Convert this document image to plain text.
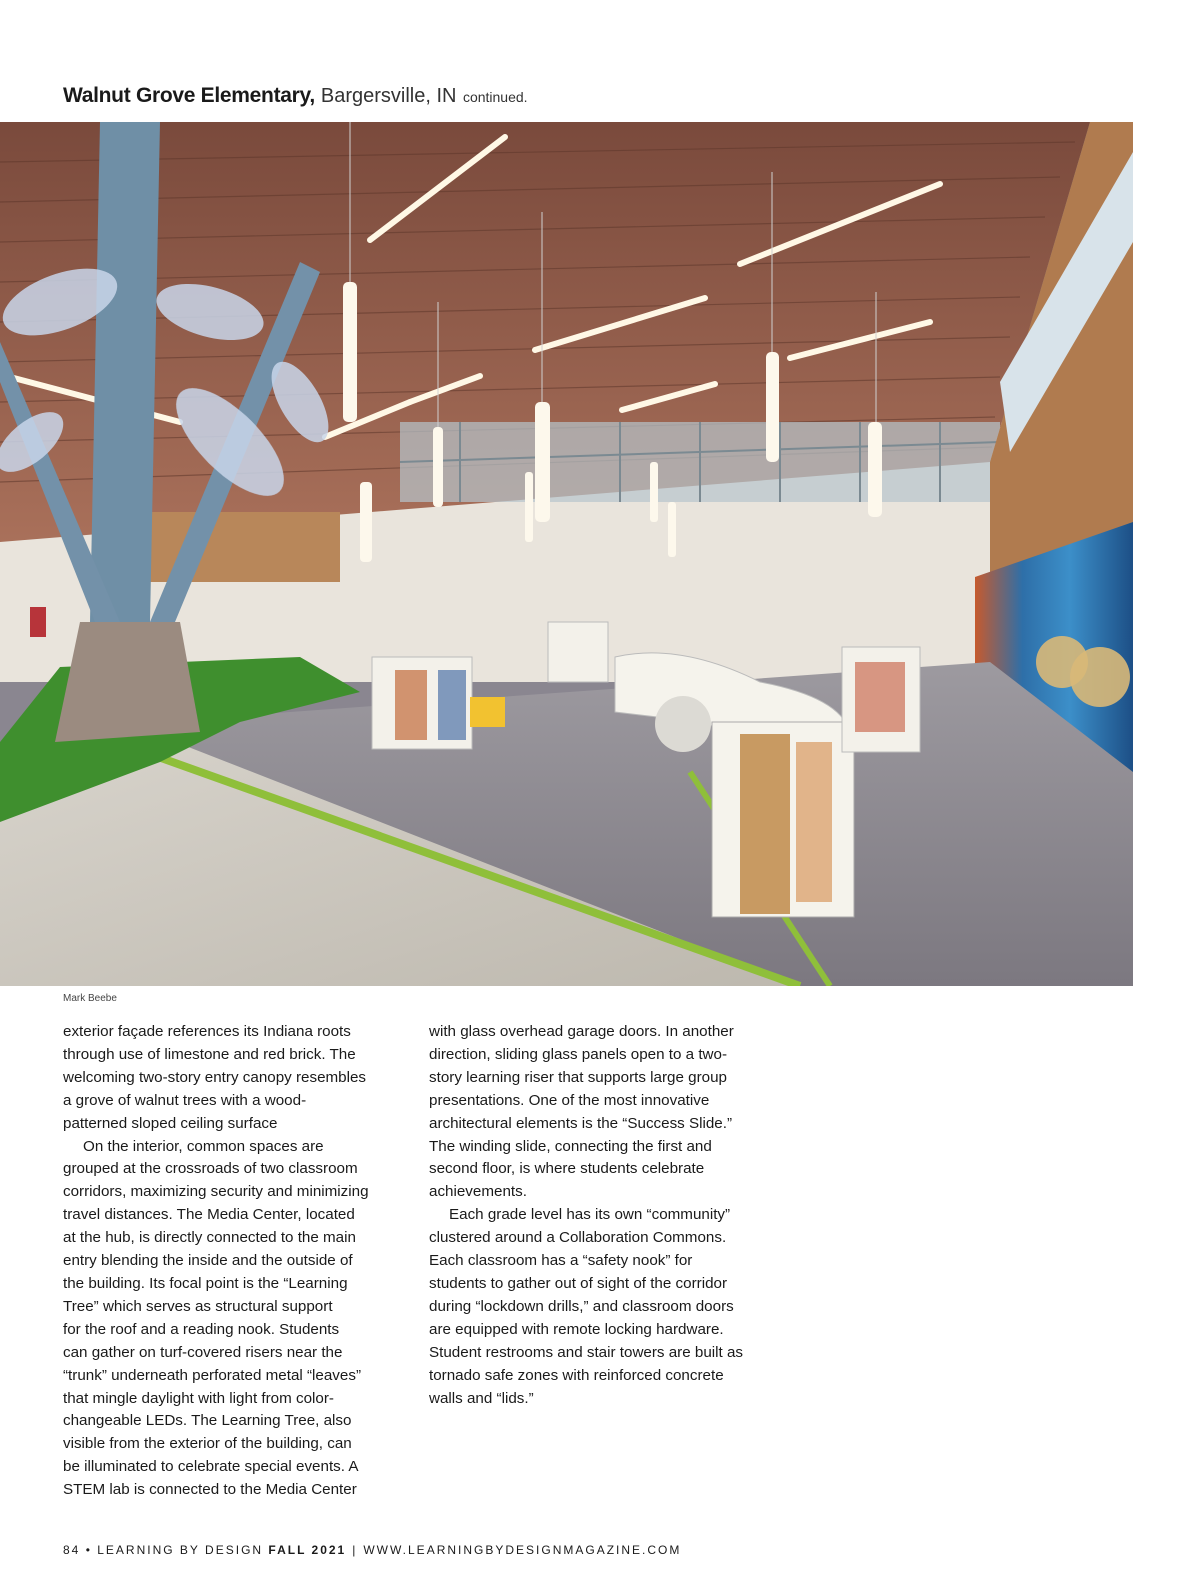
Walnut Grove Elementary, Bargersville, IN continued.
Mark Beebe

exterior façade references its Indiana roots
through use of limestone and red brick. The
welcoming two-story entry canopy resembles
a grove of walnut trees with a wood-
patterned sloped ceiling surface

On the interior, common spaces are
grouped at the crossroads of two classroom
corridors, maximizing security and minimizing
travel distances. The Media Center, located
at the hub, is directly connected to the main
entry blending the inside and the outside of
the building. Its focal point is the “Learning
Tree” which serves as structural support
for the roof and a reading nook. Students
can gather on turf-covered risers near the
“trunk” underneath perforated metal “leaves”
that mingle daylight with light from color-
changeable LEDs. The Learning Tree, also
visible from the exterior of the building, can
be illuminated to celebrate special events. A
STEM lab is connected to the Media Center

with glass overhead garage doors. In another
direction, sliding glass panels open to a two-
story learning riser that supports large group
presentations. One of the most innovative
architectural elements is the “Success Slide.”
The winding slide, connecting the first and
second floor, is where students celebrate
achievements.

Each grade level has its own “community”
clustered around a Collaboration Commons.
Each classroom has a “safety nook” for
students to gather out of sight of the corridor
during “lockdown drills,” and classroom doors
are equipped with remote locking hardware.
Student restrooms and stair towers are built as
tornado safe zones with reinforced concrete
walls and “lids.”

84 • LEARNING BY DESIGN FALL 2021 | WWW.LEARNINGBYDESIGNMAGAZINE.COM
